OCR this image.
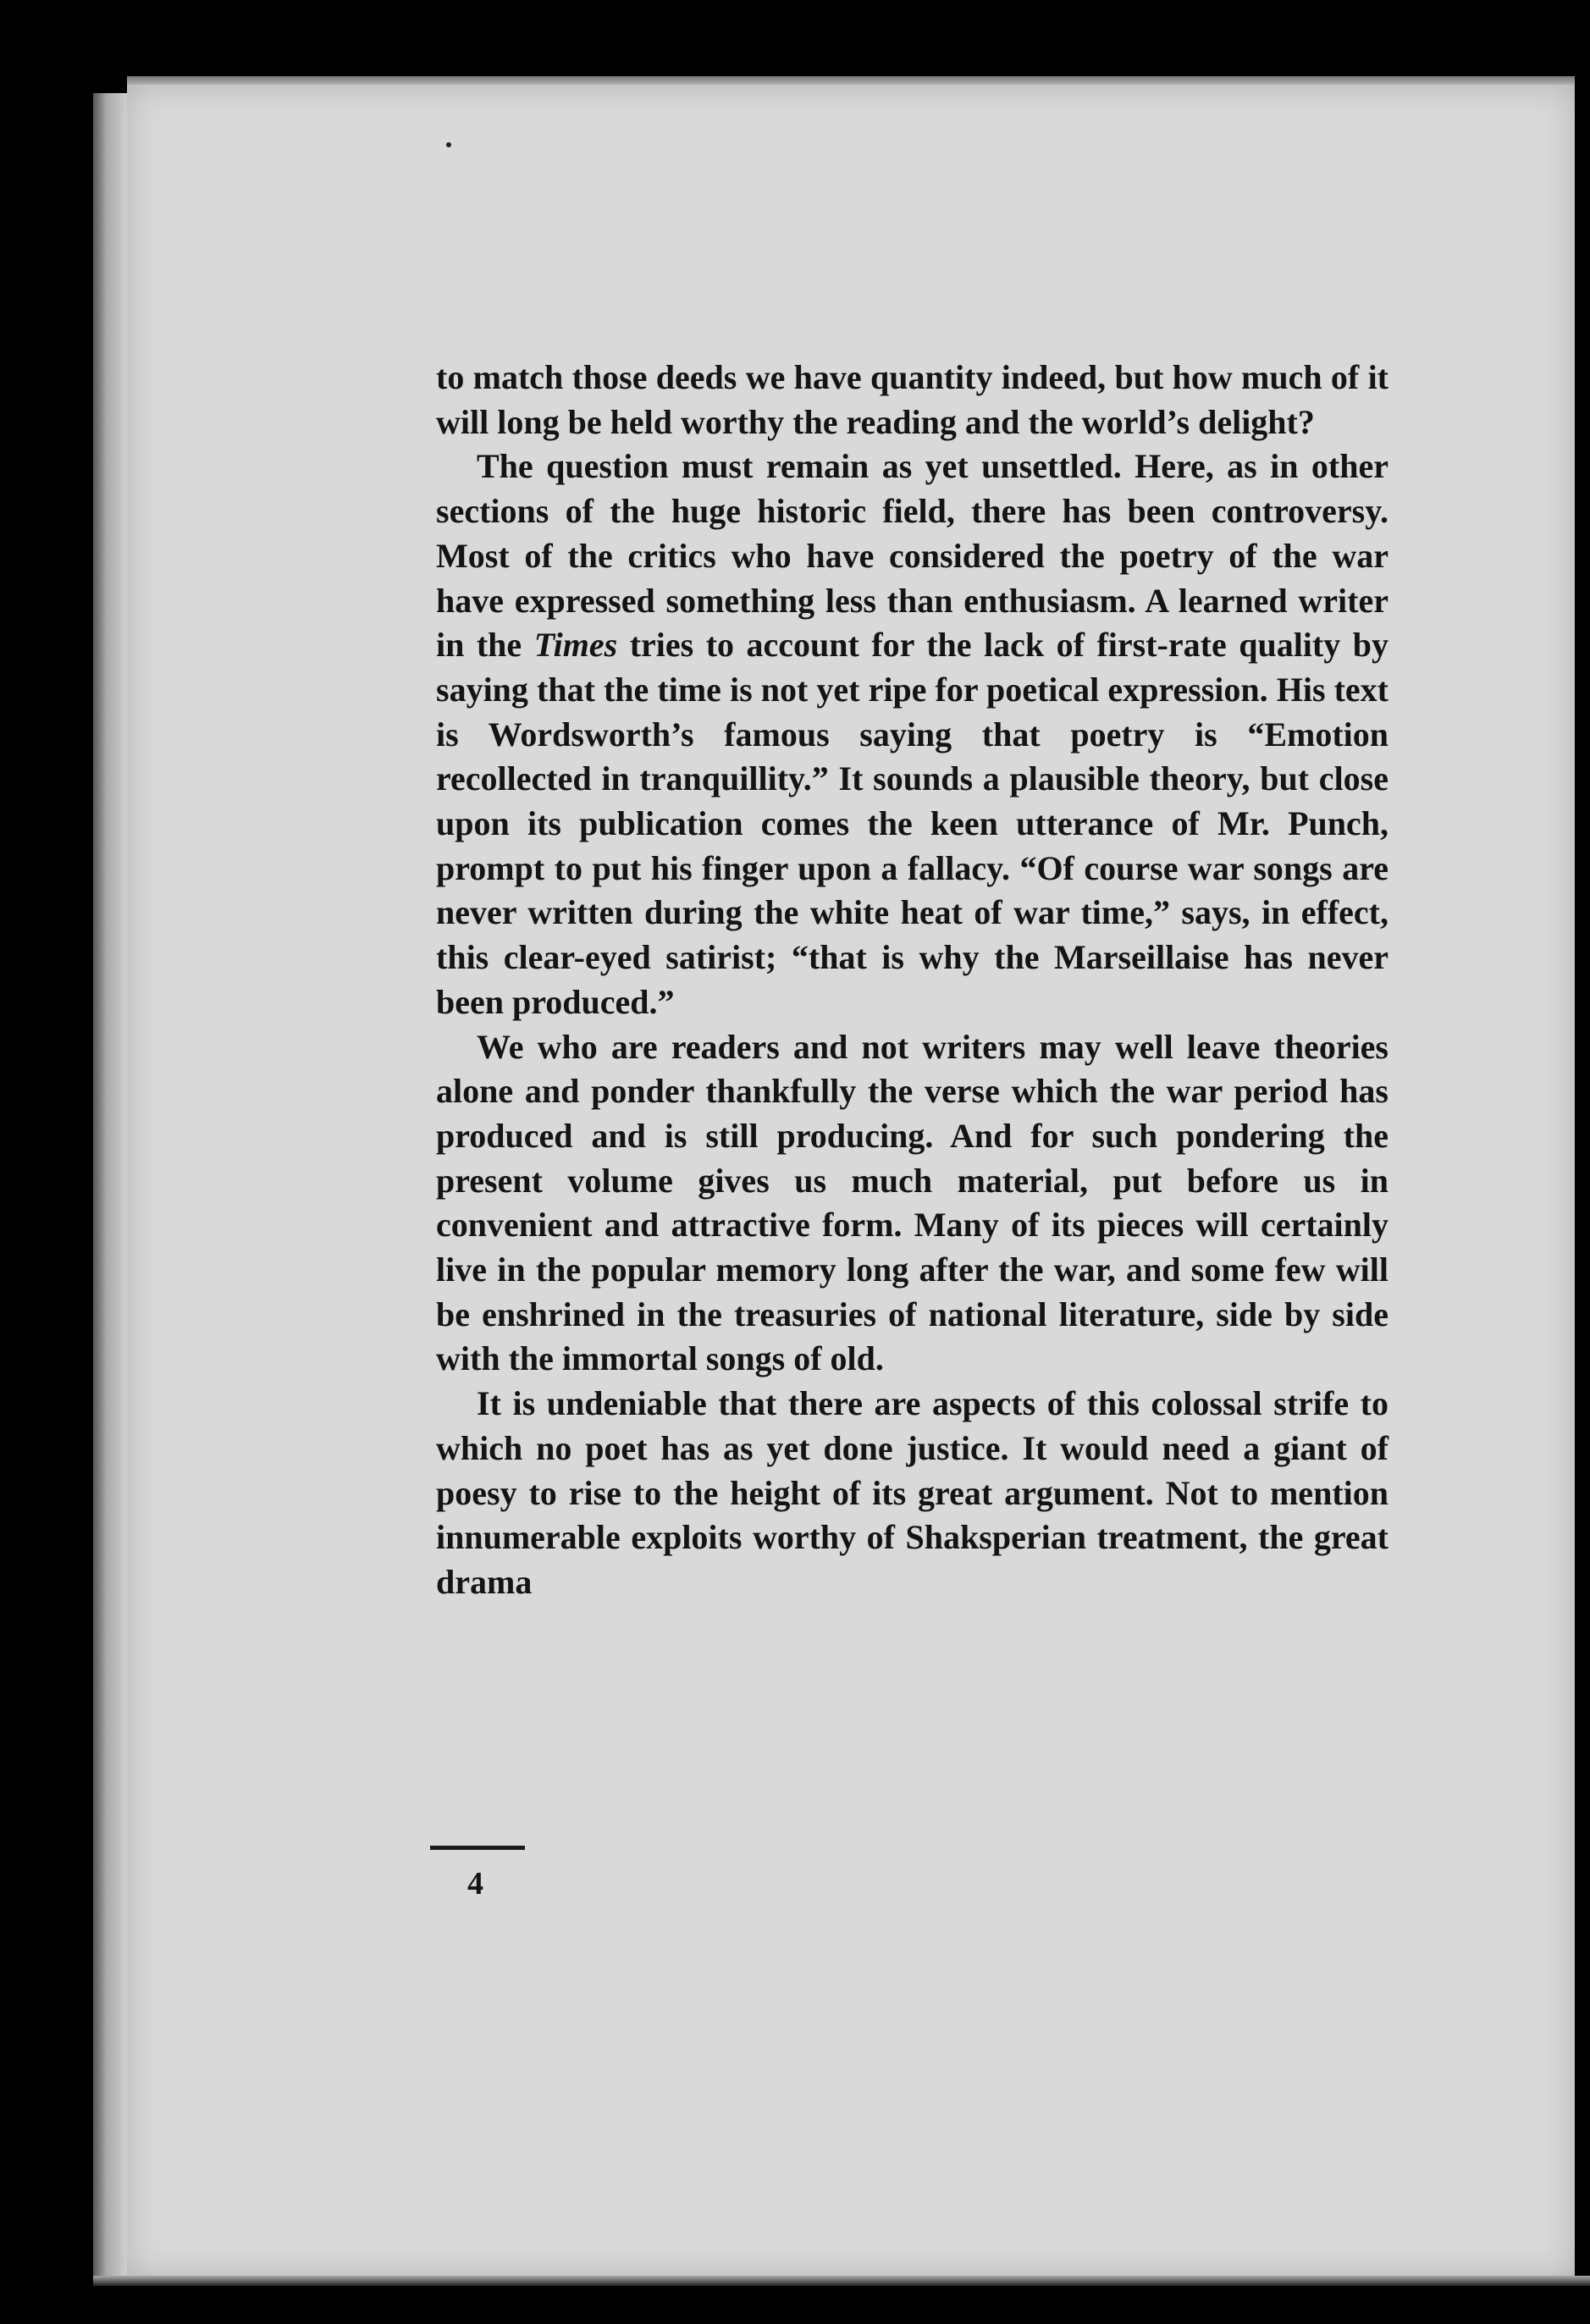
to match those deeds we have quantity indeed, but how much of it will long be held worthy the reading and the world’s delight?

The question must remain as yet unsettled. Here, as in other sections of the huge historic field, there has been controversy. Most of the critics who have considered the poetry of the war have expressed something less than enthusiasm. A learned writer in the Times tries to account for the lack of first-rate quality by saying that the time is not yet ripe for poetical expression. His text is Wordsworth’s famous saying that poetry is “Emotion recollected in tranquillity.” It sounds a plausible theory, but close upon its publication comes the keen utterance of Mr. Punch, prompt to put his finger upon a fallacy. “Of course war songs are never written during the white heat of war time,” says, in effect, this clear-eyed satirist; “that is why the Marseillaise has never been produced.”

We who are readers and not writers may well leave theories alone and ponder thankfully the verse which the war period has produced and is still producing. And for such pondering the present volume gives us much material, put before us in convenient and attractive form. Many of its pieces will certainly live in the popular memory long after the war, and some few will be enshrined in the treasuries of national literature, side by side with the immortal songs of old.

It is undeniable that there are aspects of this colossal strife to which no poet has as yet done justice. It would need a giant of poesy to rise to the height of its great argument. Not to mention innumerable exploits worthy of Shaksperian treatment, the great drama

4
